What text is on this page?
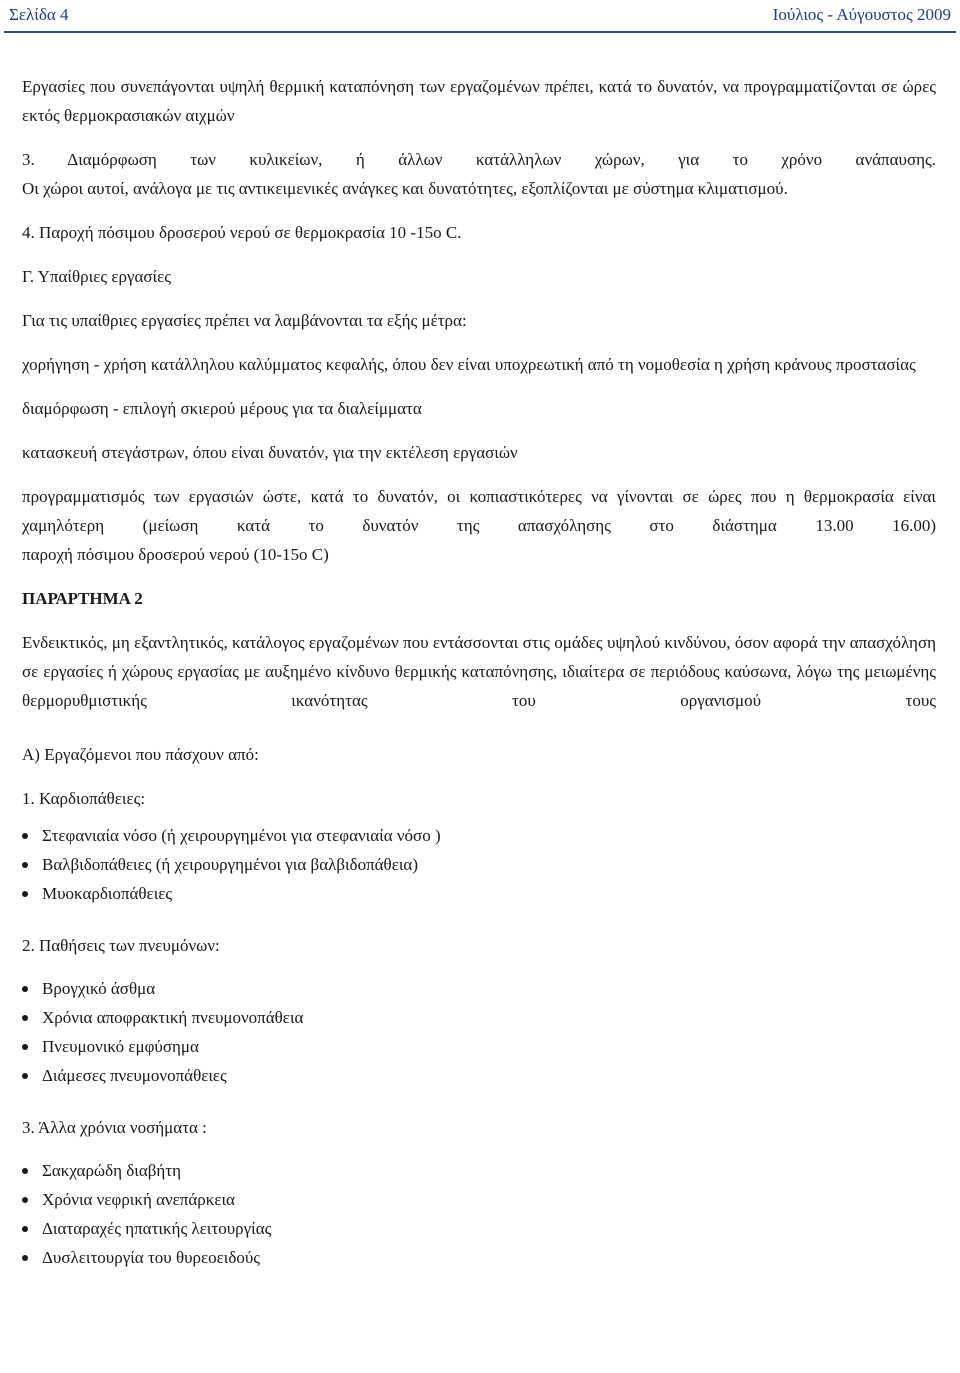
Σελίδα 4	Ιούλιος - Αύγουστος 2009

Εργασίες που συνεπάγονται υψηλή θερμική καταπόνηση των εργαζομένων πρέπει, κατά το δυνατόν, να προγραμματίζονται σε ώρες εκτός θερμοκρασιακών αιχμών

3. Διαμόρφωση των κυλικείων, ή άλλων κατάλληλων χώρων, για το χρόνο ανάπαυσης.
Οι χώροι αυτοί, ανάλογα με τις αντικειμενικές ανάγκες και δυνατότητες, εξοπλίζονται με σύστημα κλιματισμού.

4. Παροχή πόσιμου δροσερού νερού σε θερμοκρασία 10 -15ο C.

Γ. Υπαίθριες εργασίες

Για τις υπαίθριες εργασίες πρέπει να λαμβάνονται τα εξής μέτρα:

χορήγηση - χρήση κατάλληλου καλύμματος κεφαλής, όπου δεν είναι υποχρεωτική από τη νομοθεσία η χρήση κράνους προστασίας

διαμόρφωση - επιλογή σκιερού μέρους για τα διαλείμματα

κατασκευή στεγάστρων, όπου είναι δυνατόν, για την εκτέλεση εργασιών

προγραμματισμός των εργασιών ώστε, κατά το δυνατόν, οι κοπιαστικότερες να γίνονται σε ώρες που η θερμοκρασία είναι χαμηλότερη (μείωση κατά το δυνατόν της απασχόλησης στο διάστημα 13.00 16.00)
παροχή πόσιμου δροσερού νερού (10-15ο C)
ΠΑΡΑΡΤΗΜΑ 2

Ενδεικτικός, μη εξαντλητικός, κατάλογος εργαζομένων που εντάσσονται στις ομάδες υψηλού κινδύνου, όσον αφορά την απασχόληση σε εργασίες ή χώρους εργασίας με αυξημένο κίνδυνο θερμικής καταπόνησης, ιδιαίτερα σε περιόδους καύσωνα, λόγω της μειωμένης θερμορυθμιστικής ικανότητας του οργανισμού τους

Α) Εργαζόμενοι που πάσχουν από:

1. Καρδιοπάθειες:

Στεφανιαία νόσο (ή χειρουργημένοι για στεφανιαία νόσο )
Βαλβιδοπάθειες (ή χειρουργημένοι για βαλβιδοπάθεια)
Μυοκαρδιοπάθειες

2. Παθήσεις των πνευμόνων:

Βρογχικό άσθμα
Χρόνια αποφρακτική πνευμονοπάθεια
Πνευμονικό εμφύσημα
Διάμεσες πνευμονοπάθειες

3. Άλλα χρόνια νοσήματα :

Σακχαρώδη διαβήτη
Χρόνια νεφρική ανεπάρκεια
Διαταραχές ηπατικής λειτουργίας
Δυσλειτουργία του θυρεοειδούς
